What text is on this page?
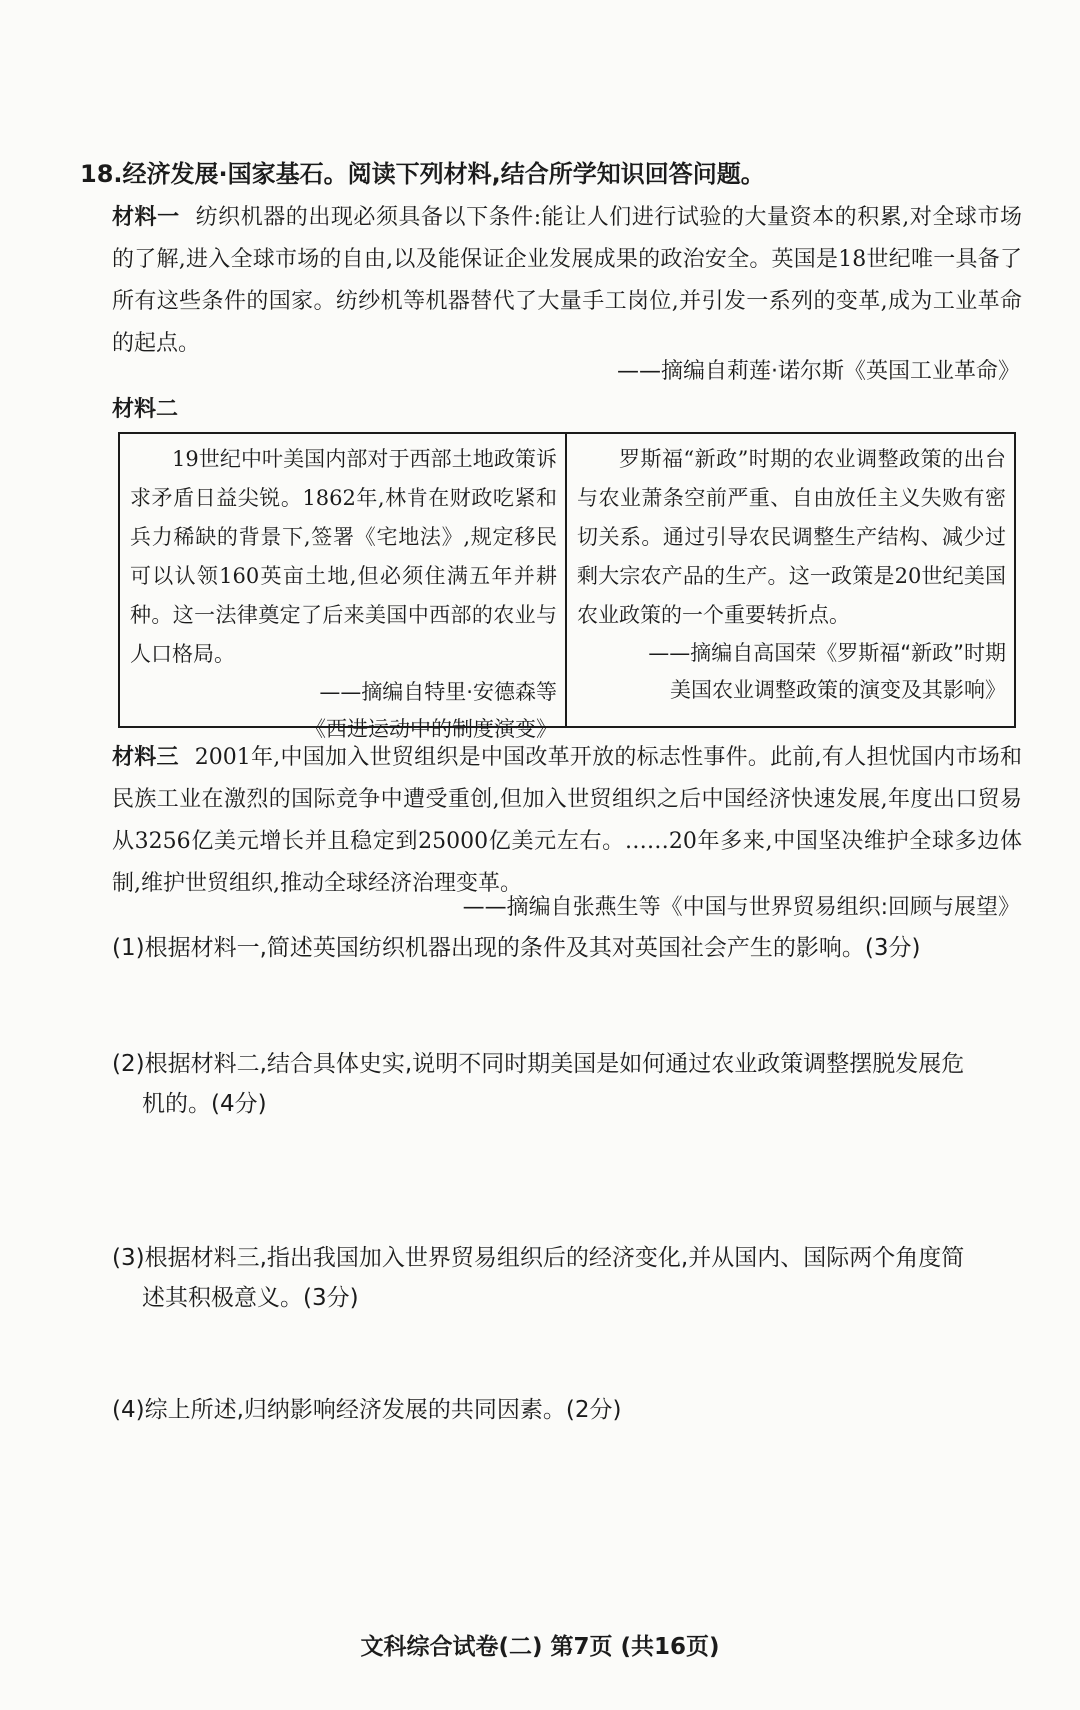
18.经济发展·国家基石。阅读下列材料,结合所学知识回答问题。
材料一 纺织机器的出现必须具备以下条件:能让人们进行试验的大量资本的积累,对全球市场的了解,进入全球市场的自由,以及能保证企业发展成果的政治安全。英国是18世纪唯一具备了所有这些条件的国家。纺纱机等机器替代了大量手工岗位,并引发一系列的变革,成为工业革命的起点。
——摘编自莉莲·诺尔斯《英国工业革命》
材料二
19世纪中叶美国内部对于西部土地政策诉求矛盾日益尖锐。1862年,林肯在财政吃紧和兵力稀缺的背景下,签署《宅地法》,规定移民可以认领160英亩土地,但必须住满五年并耕种。这一法律奠定了后来美国中西部的农业与人口格局。
——摘编自特里·安德森等
《西进运动中的制度演变》
罗斯福“新政”时期的农业调整政策的出台与农业萧条空前严重、自由放任主义失败有密切关系。通过引导农民调整生产结构、减少过剩大宗农产品的生产。这一政策是20世纪美国农业政策的一个重要转折点。
——摘编自高国荣《罗斯福“新政”时期
美国农业调整政策的演变及其影响》
材料三 2001年,中国加入世贸组织是中国改革开放的标志性事件。此前,有人担忧国内市场和民族工业在激烈的国际竞争中遭受重创,但加入世贸组织之后中国经济快速发展,年度出口贸易从3256亿美元增长并且稳定到25000亿美元左右。……20年多来,中国坚决维护全球多边体制,维护世贸组织,推动全球经济治理变革。
——摘编自张燕生等《中国与世界贸易组织:回顾与展望》
(1)根据材料一,简述英国纺织机器出现的条件及其对英国社会产生的影响。(3分)
(2)根据材料二,结合具体史实,说明不同时期美国是如何通过农业政策调整摆脱发展危
机的。(4分)
(3)根据材料三,指出我国加入世界贸易组织后的经济变化,并从国内、国际两个角度简
述其积极意义。(3分)
(4)综上所述,归纳影响经济发展的共同因素。(2分)
文科综合试卷(二) 第7页 (共16页)
